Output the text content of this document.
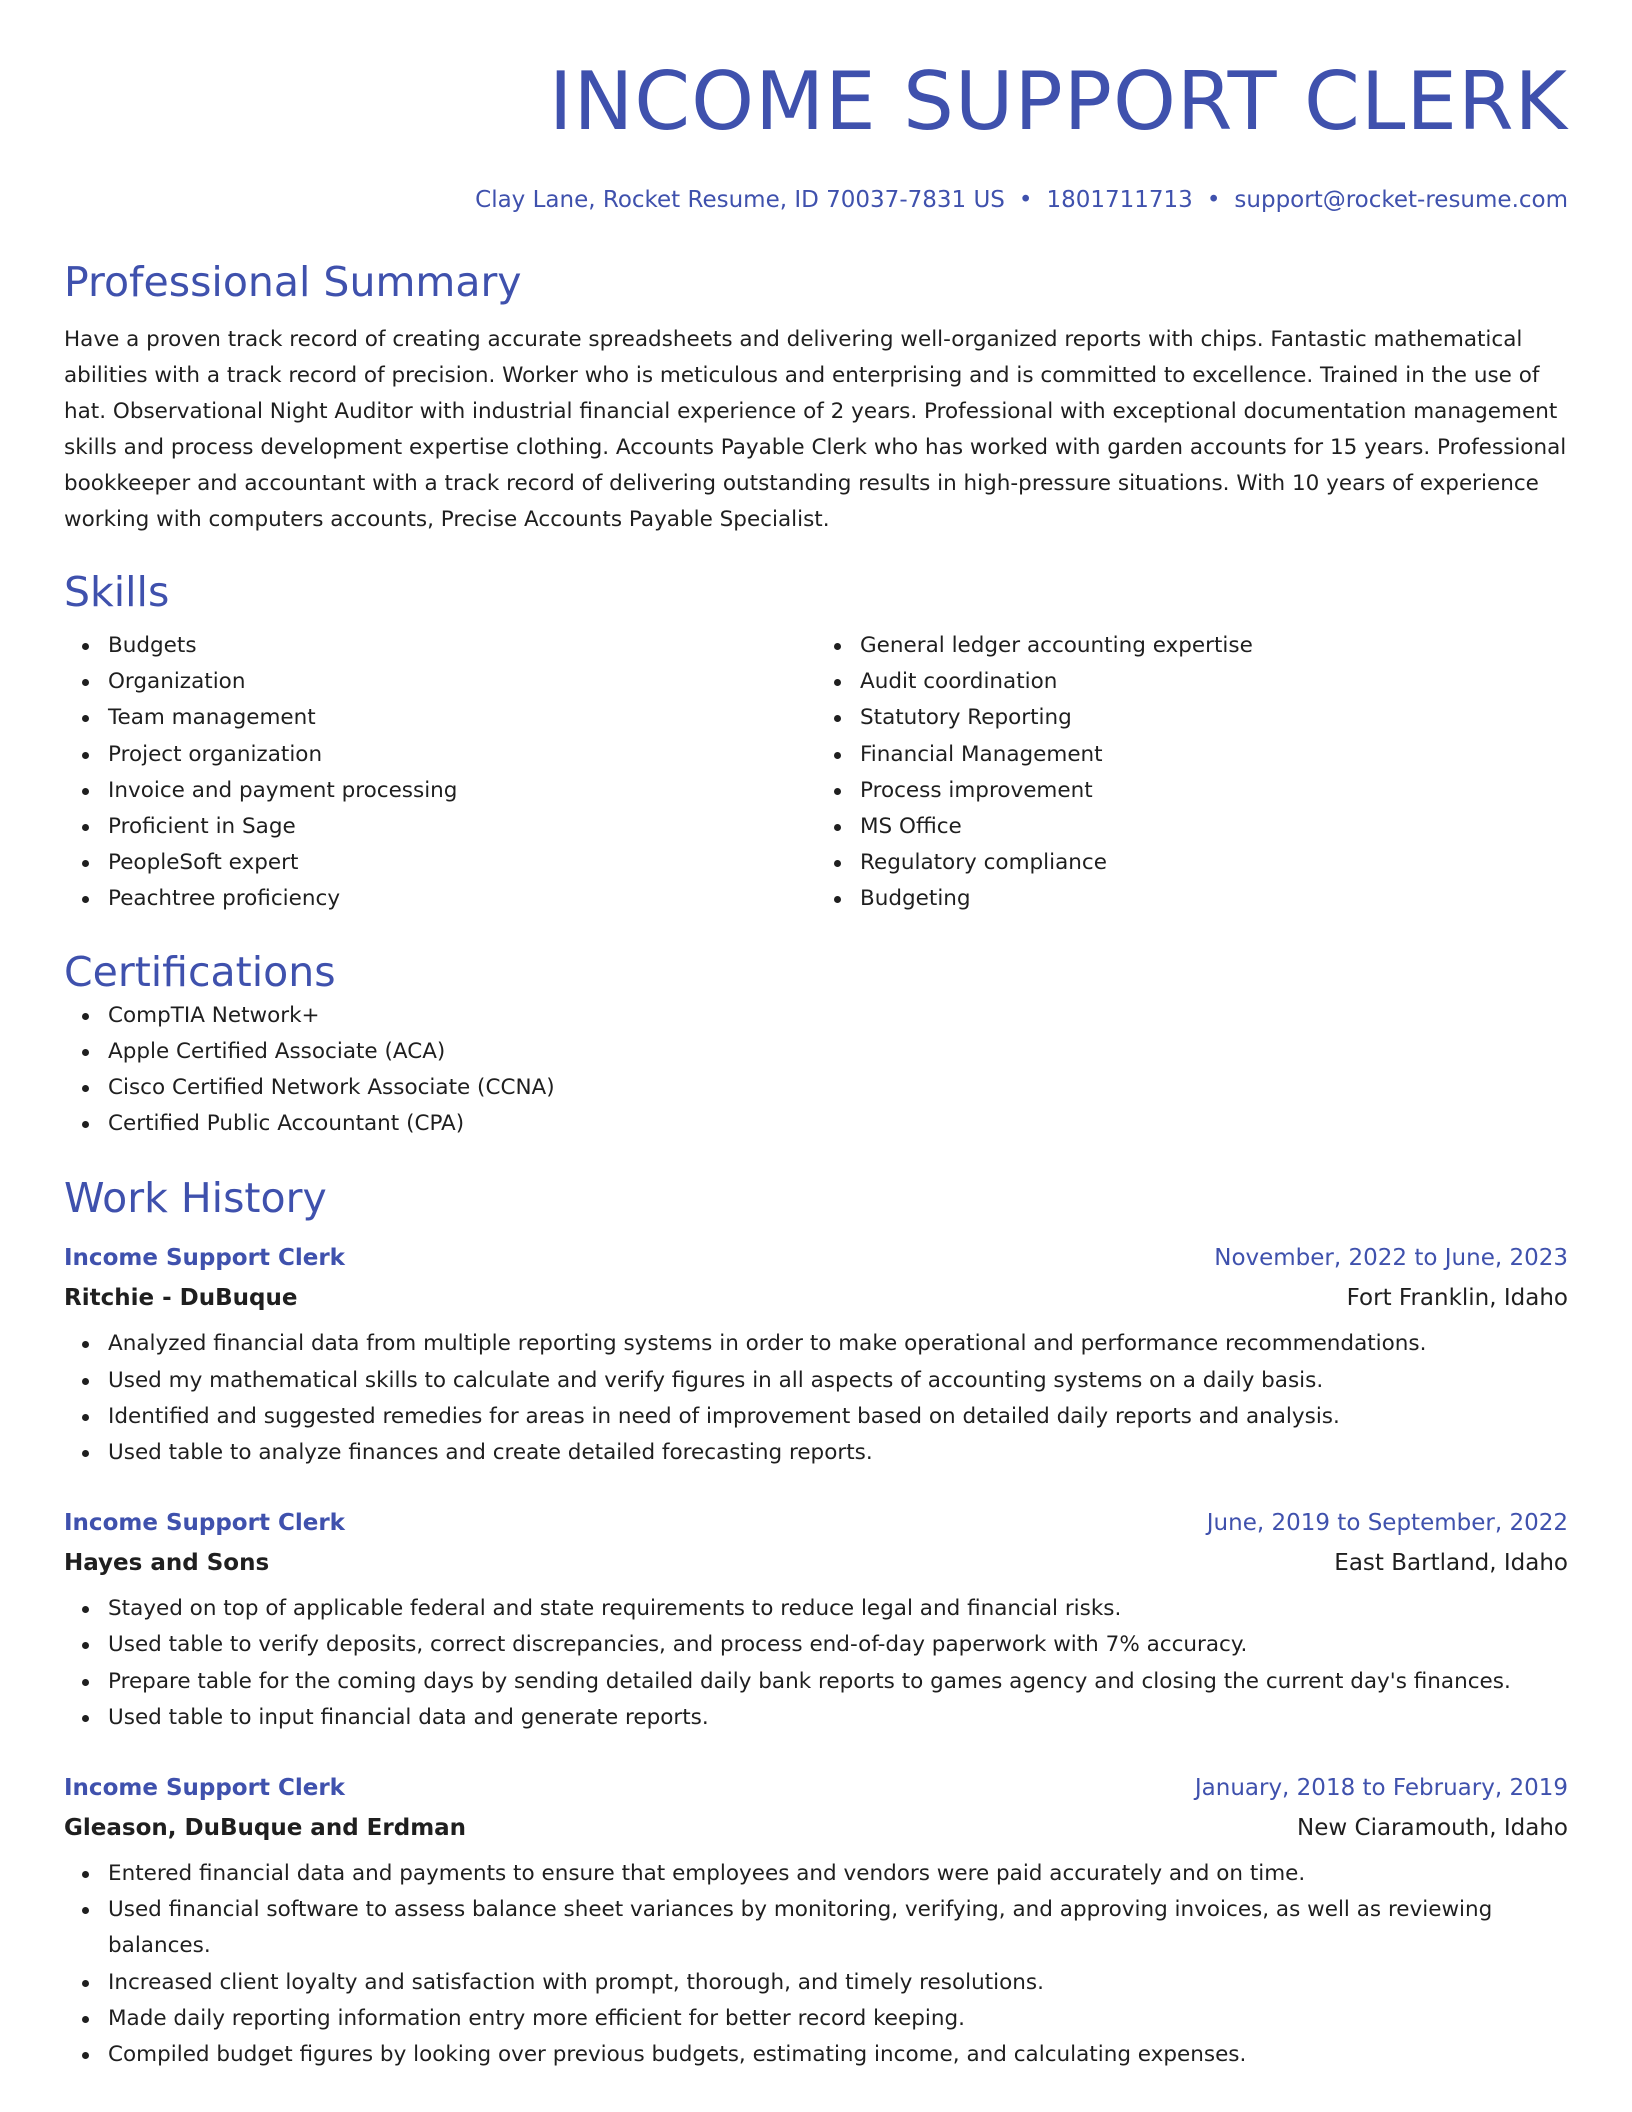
INCOME SUPPORT CLERK
Clay Lane, Rocket Resume, ID 70037-7831 US • 1801711713 • support@rocket-resume.com
Professional Summary

Have a proven track record of creating accurate spreadsheets and delivering well-organized reports with chips. Fantastic mathematical abilities with a track record of precision. Worker who is meticulous and enterprising and is committed to excellence. Trained in the use of hat. Observational Night Auditor with industrial financial experience of 2 years. Professional with exceptional documentation management skills and process development expertise clothing. Accounts Payable Clerk who has worked with garden accounts for 15 years. Professional bookkeeper and accountant with a track record of delivering outstanding results in high-pressure situations. With 10 years of experience working with computers accounts, Precise Accounts Payable Specialist.

Skills
Budgets
Organization
Team management
Project organization
Invoice and payment processing
Proficient in Sage
PeopleSoft expert
Peachtree proficiency
General ledger accounting expertise
Audit coordination
Statutory Reporting
Financial Management
Process improvement
MS Office
Regulatory compliance
Budgeting
Certifications
CompTIA Network+
Apple Certified Associate (ACA)
Cisco Certified Network Associate (CCNA)
Certified Public Accountant (CPA)
Work History
Income Support Clerk	November, 2022 to June, 2023
Ritchie - DuBuque	Fort Franklin, Idaho
Analyzed financial data from multiple reporting systems in order to make operational and performance recommendations.
Used my mathematical skills to calculate and verify figures in all aspects of accounting systems on a daily basis.
Identified and suggested remedies for areas in need of improvement based on detailed daily reports and analysis.
Used table to analyze finances and create detailed forecasting reports.
Income Support Clerk	June, 2019 to September, 2022
Hayes and Sons	East Bartland, Idaho
Stayed on top of applicable federal and state requirements to reduce legal and financial risks.
Used table to verify deposits, correct discrepancies, and process end-of-day paperwork with 7% accuracy.
Prepare table for the coming days by sending detailed daily bank reports to games agency and closing the current day's finances.
Used table to input financial data and generate reports.
Income Support Clerk	January, 2018 to February, 2019
Gleason, DuBuque and Erdman	New Ciaramouth, Idaho
Entered financial data and payments to ensure that employees and vendors were paid accurately and on time.
Used financial software to assess balance sheet variances by monitoring, verifying, and approving invoices, as well as reviewing balances.
Increased client loyalty and satisfaction with prompt, thorough, and timely resolutions.
Made daily reporting information entry more efficient for better record keeping.
Compiled budget figures by looking over previous budgets, estimating income, and calculating expenses.
